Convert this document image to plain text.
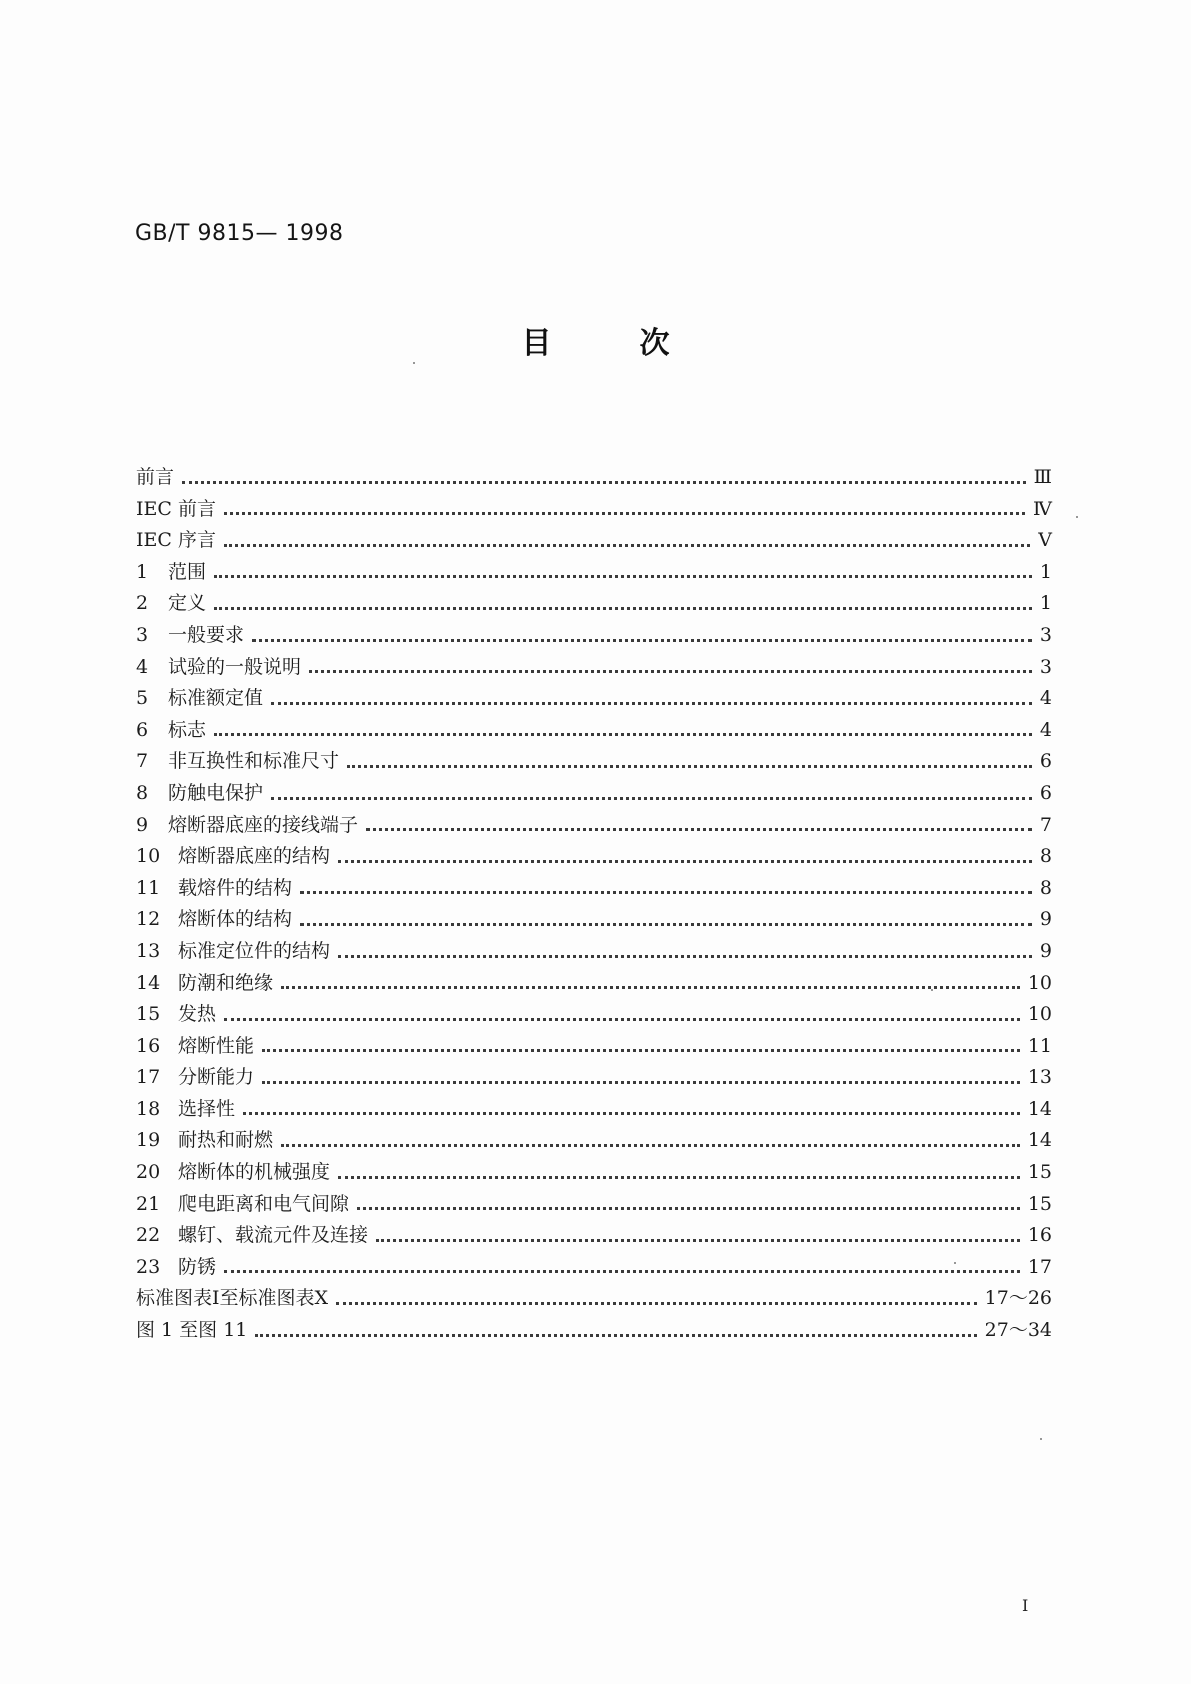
GB/T 9815— 1998
目次
前言	Ⅲ
IEC 前言	Ⅳ
IEC 序言	Ⅴ
1	范围	1
2	定义	1
3	一般要求	3
4	试验的一般说明	3
5	标准额定值	4
6	标志	4
7	非互换性和标准尺寸	6
8	防触电保护	6
9	熔断器底座的接线端子	7
10 熔断器底座的结构	8
11 载熔件的结构	8
12 熔断体的结构	9
13 标准定位件的结构	9
14 防潮和绝缘	10
15 发热	10
16 熔断性能	11
17 分断能力	13
18 选择性	14
19 耐热和耐燃	14
20 熔断体的机械强度	15
21 爬电距离和电气间隙	15
22 螺钉、载流元件及连接	16
23 防锈	17
标准图表Ⅰ至标准图表Ⅹ	17～26
图 1 至图 11	27～34
I
